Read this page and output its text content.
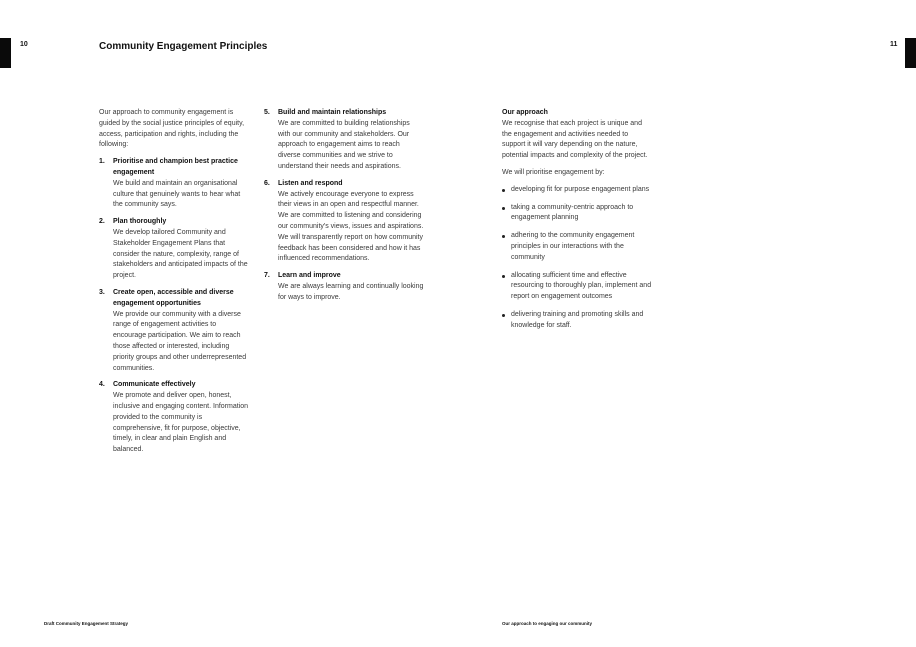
10	11
Community Engagement Principles

Our approach to community engagement is guided by the social justice principles of equity, access, participation and rights, including the following:

1. Prioritise and champion best practice engagement
We build and maintain an organisational culture that genuinely wants to hear what the community says.
2. Plan thoroughly
We develop tailored Community and Stakeholder Engagement Plans that consider the nature, complexity, range of stakeholders and anticipated impacts of the project.
3. Create open, accessible and diverse engagement opportunities
We provide our community with a diverse range of engagement activities to encourage participation. We aim to reach those affected or interested, including priority groups and other underrepresented communities.
4. Communicate effectively
We promote and deliver open, honest, inclusive and engaging content. Information provided to the community is comprehensive, fit for purpose, objective, timely, in clear and plain English and balanced.
5. Build and maintain relationships
We are committed to building relationships with our community and stakeholders. Our approach to engagement aims to reach diverse communities and we strive to understand their needs and aspirations.
6. Listen and respond
We actively encourage everyone to express their views in an open and respectful manner. We are committed to listening and considering our community's views, issues and aspirations. We will transparently report on how community feedback has been considered and how it has influenced recommendations.
7. Learn and improve
We are always learning and continually looking for ways to improve.
Our approach

We recognise that each project is unique and the engagement and activities needed to support it will vary depending on the nature, potential impacts and complexity of the project.

We will prioritise engagement by:

developing fit for purpose engagement plans
taking a community-centric approach to engagement planning
adhering to the community engagement principles in our interactions with the community
allocating sufficient time and effective resourcing to thoroughly plan, implement and report on engagement outcomes
delivering training and promoting skills and knowledge for staff.
Draft Community Engagement Strategy	Our approach to engaging our community
